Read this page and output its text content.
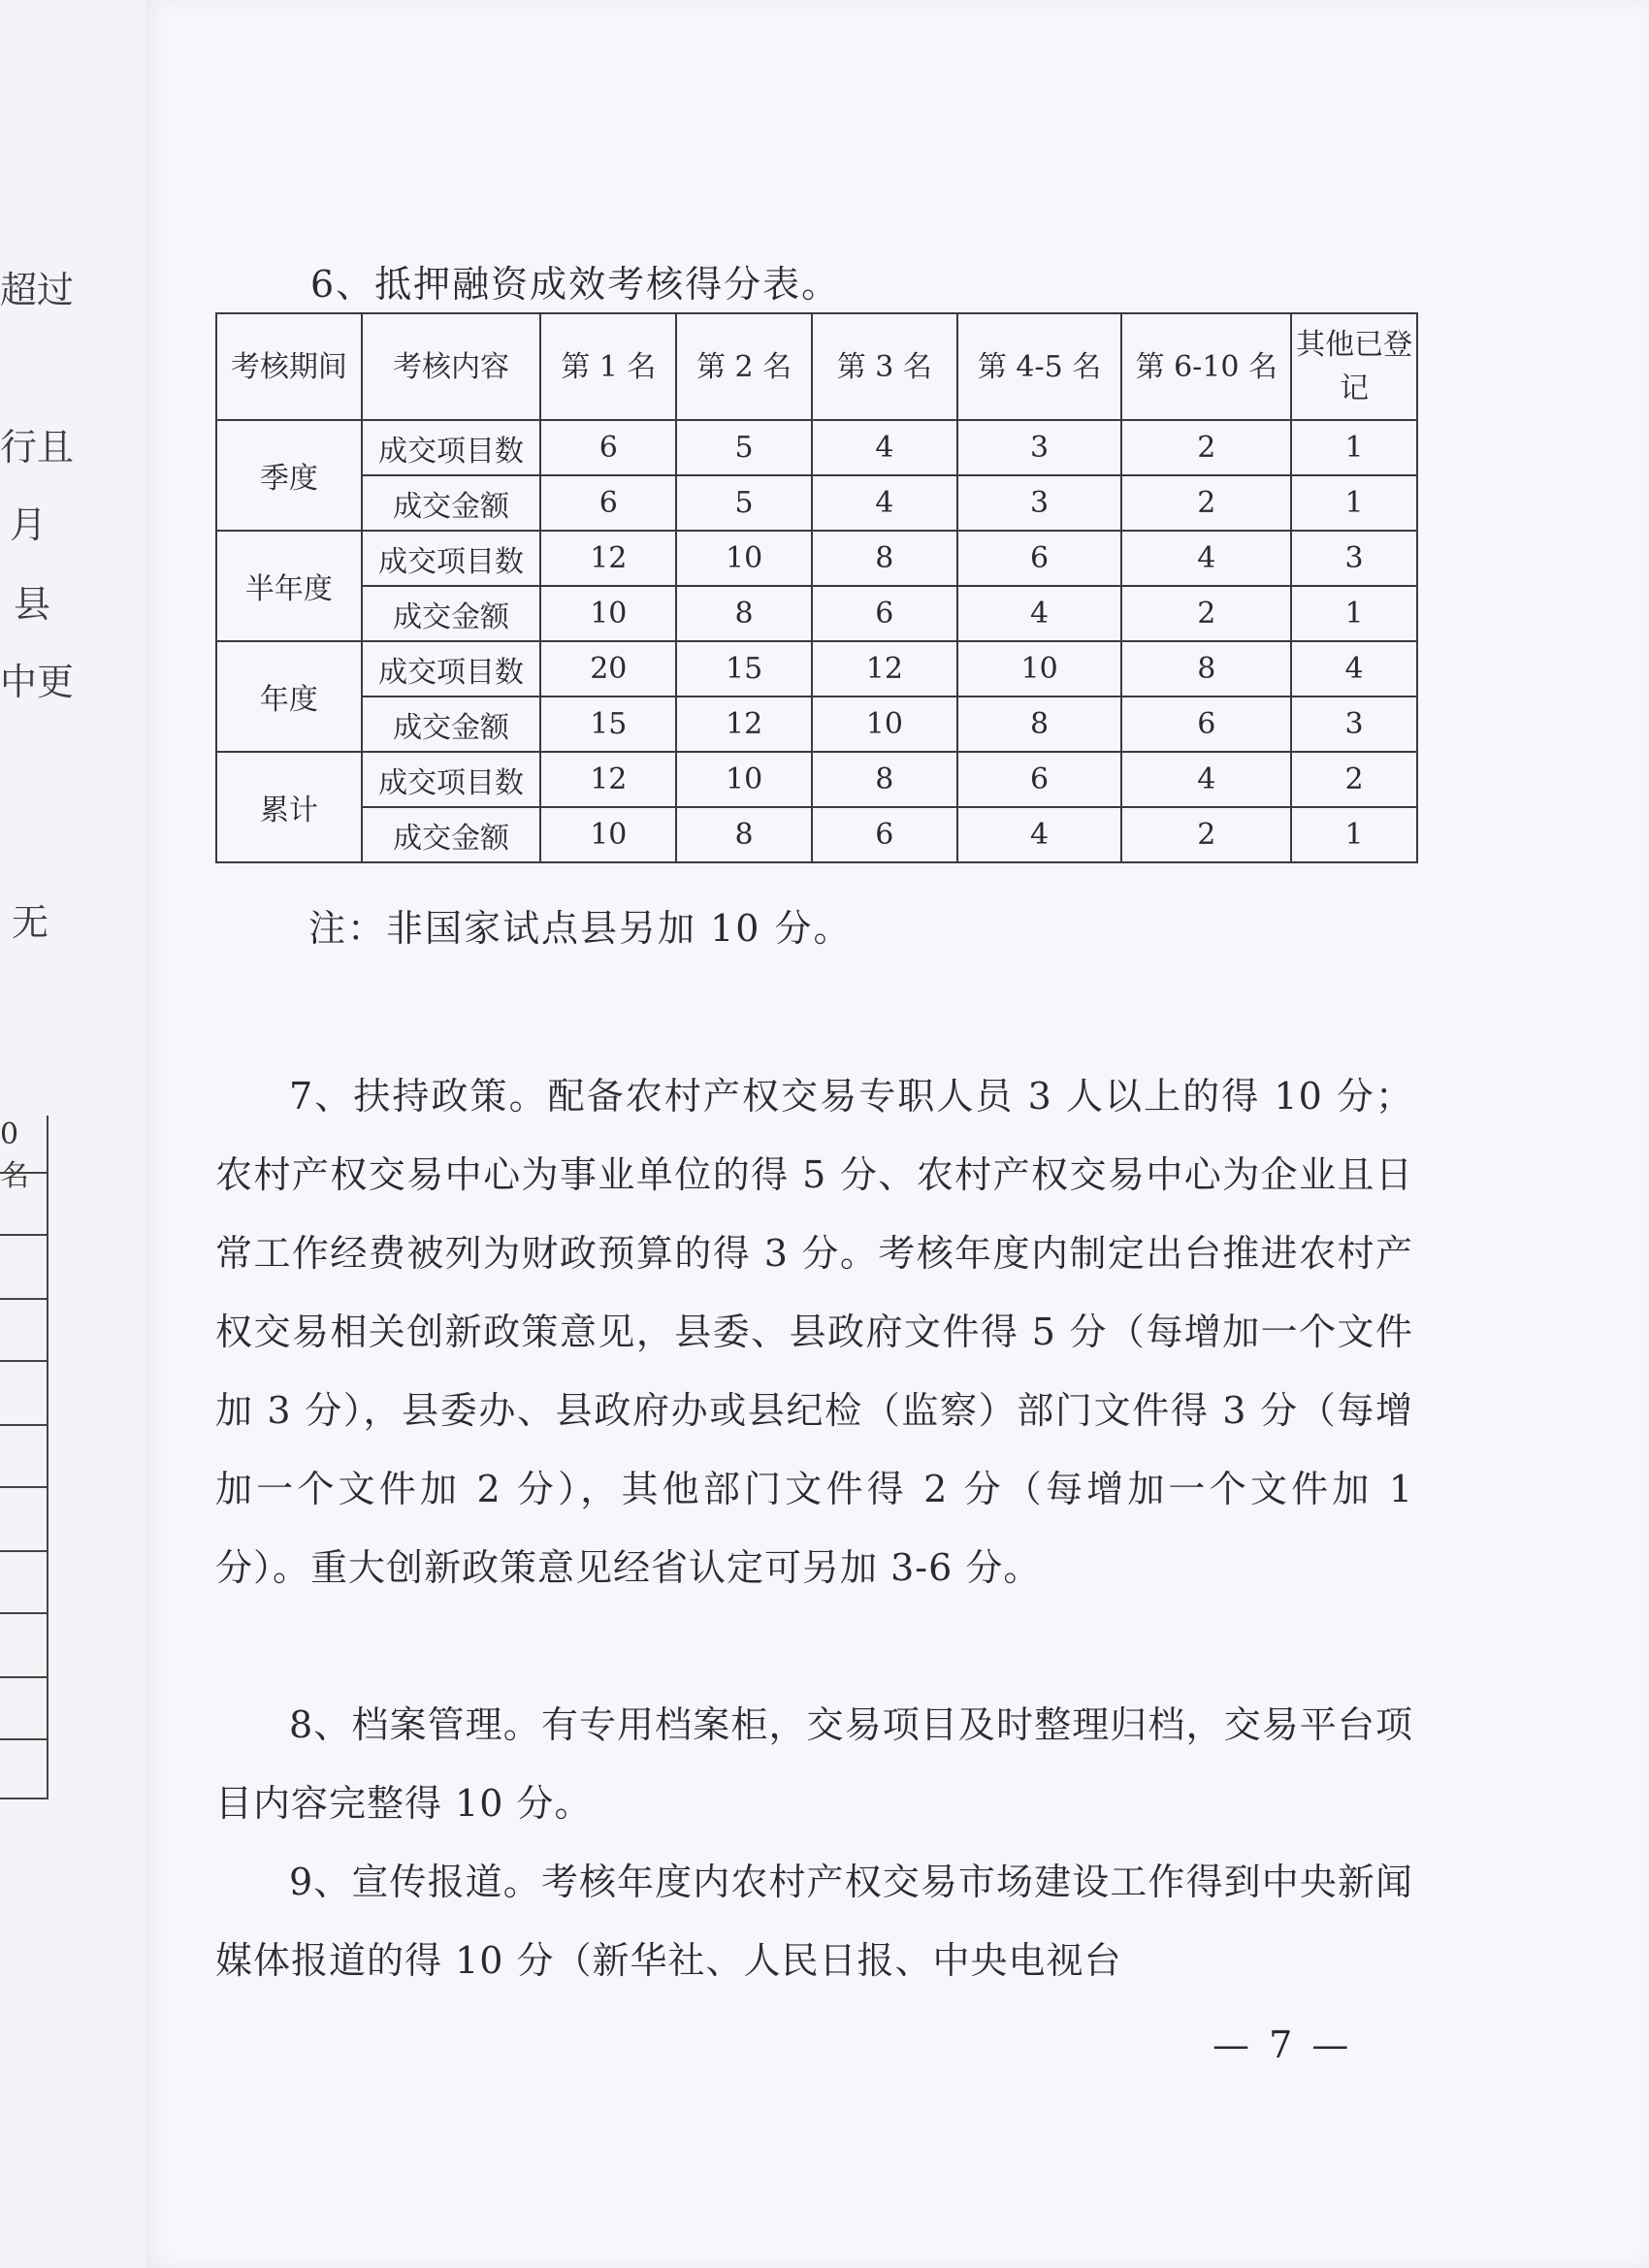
超过
行且
月
县
中更
无
0名
6、抵押融资成效考核得分表。
考核期间	考核内容	第 1 名	第 2 名	第 3 名	第 4-5 名	第 6-10 名	其他已登记
季度	成交项目数	6	5	4	3	2	1
	成交金额	6	5	4	3	2	1
半年度	成交项目数	12	10	8	6	4	3
	成交金额	10	8	6	4	2	1
年度	成交项目数	20	15	12	10	8	4
	成交金额	15	12	10	8	6	3
累计	成交项目数	12	10	8	6	4	2
	成交金额	10	8	6	4	2	1
注：非国家试点县另加 10 分。

7、扶持政策。配备农村产权交易专职人员 3 人以上的得 10 分；农村产权交易中心为事业单位的得 5 分、农村产权交易中心为企业且日常工作经费被列为财政预算的得 3 分。考核年度内制定出台推进农村产权交易相关创新政策意见，县委、县政府文件得 5 分（每增加一个文件加 3 分），县委办、县政府办或县纪检（监察）部门文件得 3 分（每增加一个文件加 2 分），其他部门文件得 2 分（每增加一个文件加 1 分）。重大创新政策意见经省认定可另加 3-6 分。

8、档案管理。有专用档案柜，交易项目及时整理归档，交易平台项目内容完整得 10 分。

9、宣传报道。考核年度内农村产权交易市场建设工作得到中央新闻媒体报道的得 10 分（新华社、人民日报、中央电视台

— 7 —
